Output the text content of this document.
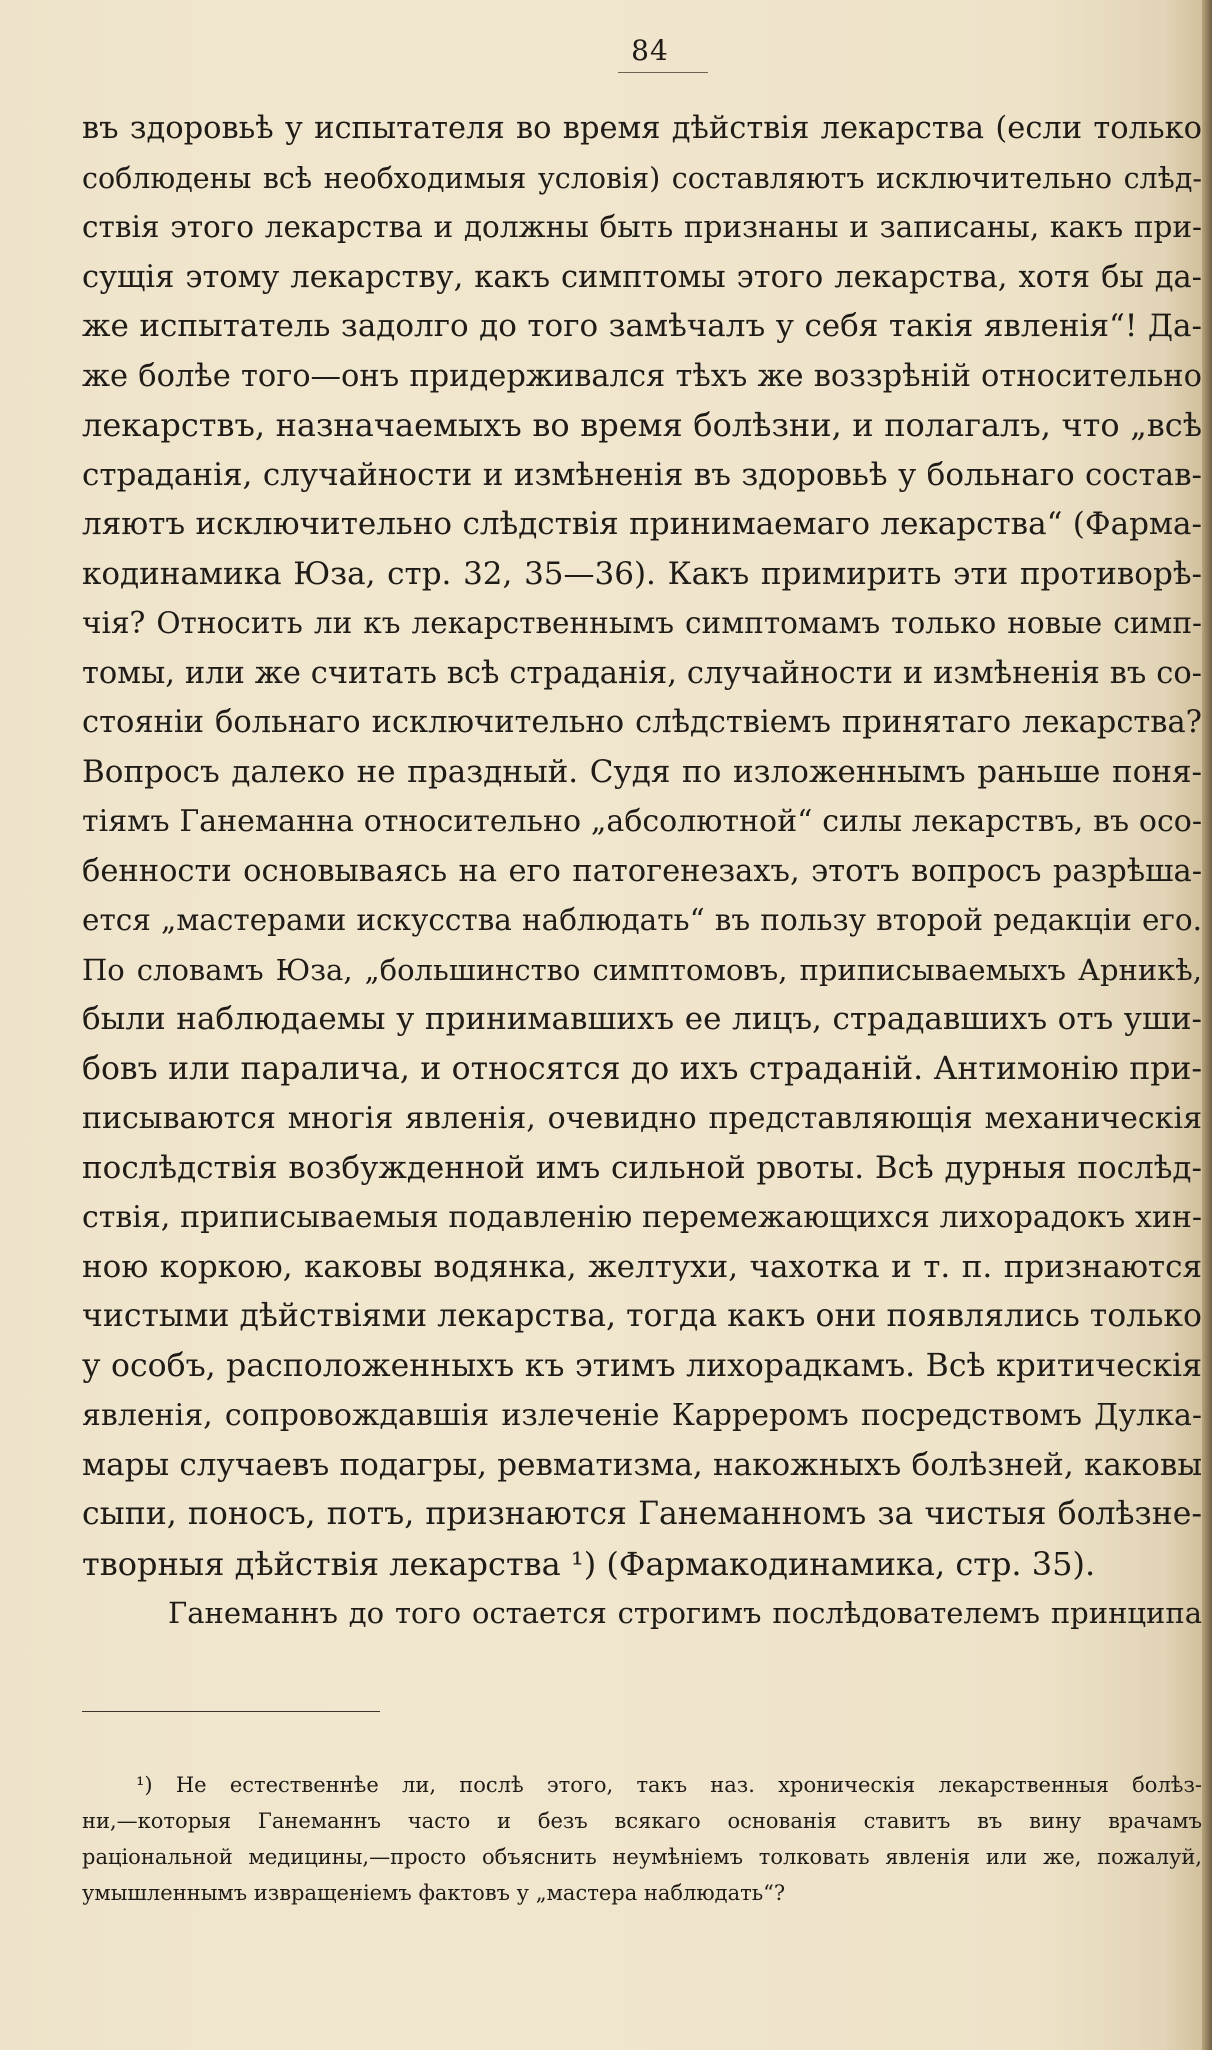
84
въ здоровьѣ у испытателя во время дѣйствія лекарства (если только
соблюдены всѣ необходимыя условія) составляютъ исключительно слѣд-
ствія этого лекарства и должны быть признаны и записаны, какъ при-
сущія этому лекарству, какъ симптомы этого лекарства, хотя бы да-
же испытатель задолго до того замѣчалъ у себя такія явленія“! Да-
же болѣе того—онъ придерживался тѣхъ же воззрѣній относительно
лекарствъ, назначаемыхъ во время болѣзни, и полагалъ, что „всѣ
страданія, случайности и измѣненія въ здоровьѣ у больнаго состав-
ляютъ исключительно слѣдствія принимаемаго лекарства“ (Фарма-
кодинамика Юза, стр. 32, 35—36). Какъ примирить эти противорѣ-
чія? Относить ли къ лекарственнымъ симптомамъ только новые симп-
томы, или же считать всѣ страданія, случайности и измѣненія въ со-
стояніи больнаго исключительно слѣдствіемъ принятаго лекарства?
Вопросъ далеко не праздный. Судя по изложеннымъ раньше поня-
тіямъ Ганеманна относительно „абсолютной“ силы лекарствъ, въ осо-
бенности основываясь на его патогенезахъ, этотъ вопросъ разрѣша-
ется „мастерами искусства наблюдать“ въ пользу второй редакціи его.
По словамъ Юза, „большинство симптомовъ, приписываемыхъ Арникѣ,
были наблюдаемы у принимавшихъ ее лицъ, страдавшихъ отъ уши-
бовъ или паралича, и относятся до ихъ страданій. Антимонію при-
писываются многія явленія, очевидно представляющія механическія
послѣдствія возбужденной имъ сильной рвоты. Всѣ дурныя послѣд-
ствія, приписываемыя подавленію перемежающихся лихорадокъ хин-
ною коркою, каковы водянка, желтухи, чахотка и т. п. признаются
чистыми дѣйствіями лекарства, тогда какъ они появлялись только
у особъ, расположенныхъ къ этимъ лихорадкамъ. Всѣ критическія
явленія, сопровождавшія излеченіе Карреромъ посредствомъ Дулка-
мары случаевъ подагры, ревматизма, накожныхъ болѣзней, каковы
сыпи, поносъ, потъ, признаются Ганеманномъ за чистыя болѣзне-
творныя дѣйствія лекарства ¹) (Фармакодинамика, стр. 35).
Ганеманнъ до того остается строгимъ послѣдователемъ принципа
¹) Не естественнѣе ли, послѣ этого, такъ наз. хроническія лекарственныя болѣз-
ни,—которыя Ганеманнъ часто и безъ всякаго основанія ставитъ въ вину врачамъ
раціональной медицины,—просто объяснить неумѣніемъ толковать явленія или же, пожалуй,
умышленнымъ извращеніемъ фактовъ у „мастера наблюдать“?
